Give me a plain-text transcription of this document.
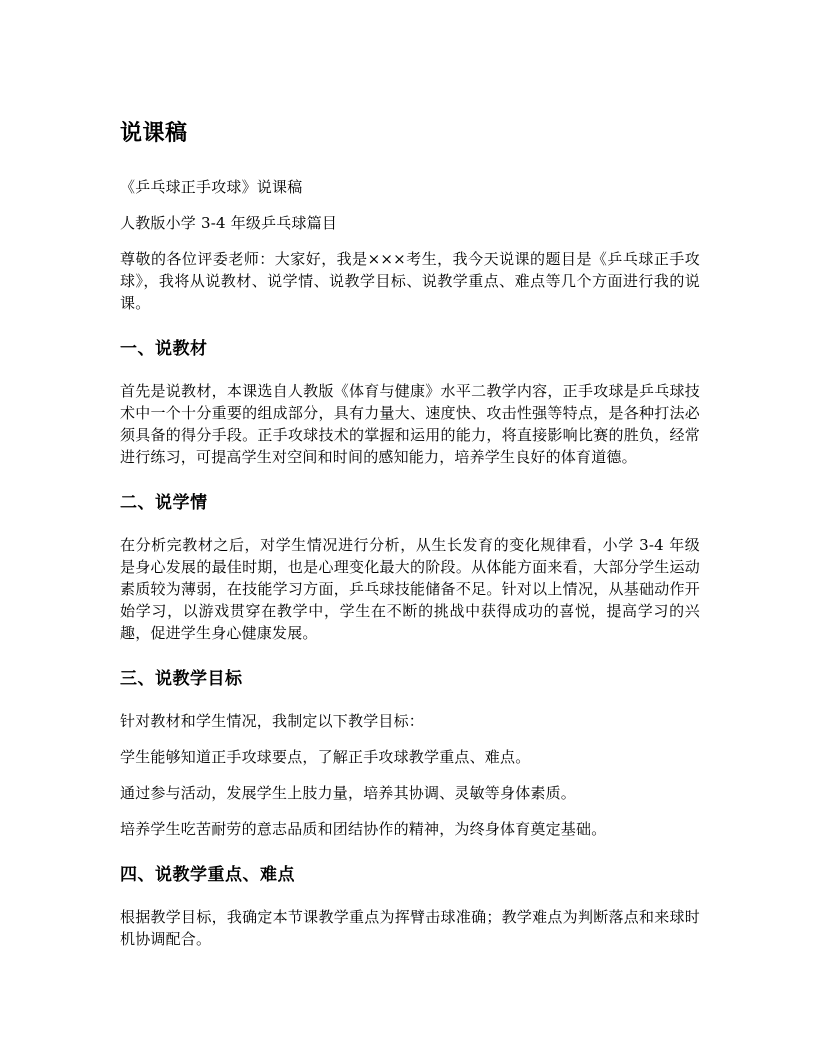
说课稿

《乒乓球正手攻球》说课稿

人教版小学 3-4 年级乒乓球篇目

尊敬的各位评委老师：大家好，我是×××考生，我今天说课的题目是《乒乓球正手攻球》，我将从说教材、说学情、说教学目标、说教学重点、难点等几个方面进行我的说课。

一、说教材

首先是说教材，本课选自人教版《体育与健康》水平二教学内容，正手攻球是乒乓球技术中一个十分重要的组成部分，具有力量大、速度快、攻击性强等特点，是各种打法必须具备的得分手段。正手攻球技术的掌握和运用的能力，将直接影响比赛的胜负，经常进行练习，可提高学生对空间和时间的感知能力，培养学生良好的体育道德。

二、说学情

在分析完教材之后，对学生情况进行分析，从生长发育的变化规律看，小学 3-4 年级是身心发展的最佳时期，也是心理变化最大的阶段。从体能方面来看，大部分学生运动素质较为薄弱，在技能学习方面，乒乓球技能储备不足。针对以上情况，从基础动作开始学习，以游戏贯穿在教学中，学生在不断的挑战中获得成功的喜悦，提高学习的兴趣，促进学生身心健康发展。

三、说教学目标

针对教材和学生情况，我制定以下教学目标：

学生能够知道正手攻球要点，了解正手攻球教学重点、难点。

通过参与活动，发展学生上肢力量，培养其协调、灵敏等身体素质。

培养学生吃苦耐劳的意志品质和团结协作的精神，为终身体育奠定基础。

四、说教学重点、难点

根据教学目标，我确定本节课教学重点为挥臂击球准确；教学难点为判断落点和来球时机协调配合。
